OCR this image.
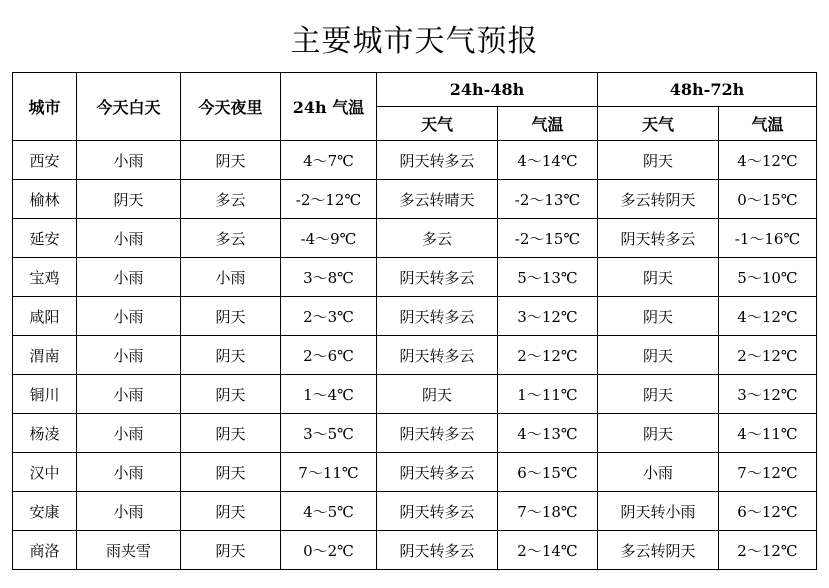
主要城市天气预报
城市	今天白天	今天夜里	24h 气温	24h-48h		48h-72h	
				天气	气温	天气	气温
西安	小雨	阴天	4～7℃	阴天转多云	4～14℃	阴天	4～12℃
榆林	阴天	多云	-2～12℃	多云转晴天	-2～13℃	多云转阴天	0～15℃
延安	小雨	多云	-4～9℃	多云	-2～15℃	阴天转多云	-1～16℃
宝鸡	小雨	小雨	3～8℃	阴天转多云	5～13℃	阴天	5～10℃
咸阳	小雨	阴天	2～3℃	阴天转多云	3～12℃	阴天	4～12℃
渭南	小雨	阴天	2～6℃	阴天转多云	2～12℃	阴天	2～12℃
铜川	小雨	阴天	1～4℃	阴天	1～11℃	阴天	3～12℃
杨凌	小雨	阴天	3～5℃	阴天转多云	4～13℃	阴天	4～11℃
汉中	小雨	阴天	7～11℃	阴天转多云	6～15℃	小雨	7～12℃
安康	小雨	阴天	4～5℃	阴天转多云	7～18℃	阴天转小雨	6～12℃
商洛	雨夹雪	阴天	0～2℃	阴天转多云	2～14℃	多云转阴天	2～12℃
